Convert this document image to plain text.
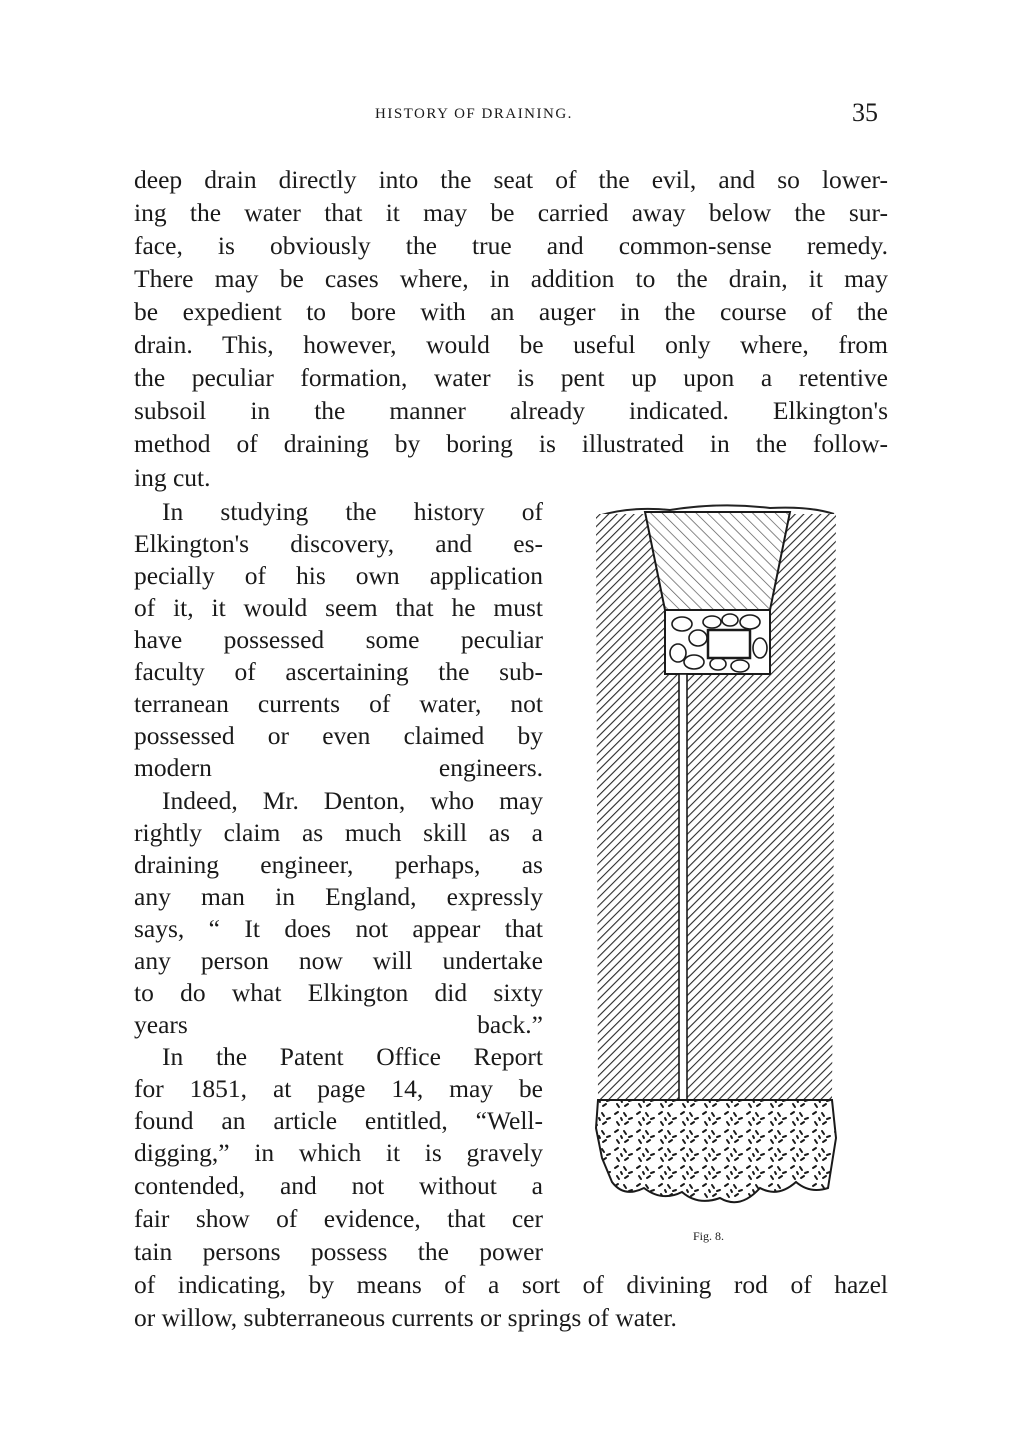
HISTORY OF DRAINING.	35
deep drain directly into the seat of the evil, and so lower-
ing the water that it may be carried away below the sur-
face, is obviously the true and common-sense remedy.
There may be cases where, in addition to the drain, it may
be expedient to bore with an auger in the course of the
drain. This, however, would be useful only where, from
the peculiar formation, water is pent up upon a retentive
subsoil in the manner already indicated. Elkington's
method of draining by boring is illustrated in the follow-
ing cut.
In studying the history of
Elkington's discovery, and es-
pecially of his own application
of it, it would seem that he must
have possessed some peculiar
faculty of ascertaining the sub-
terranean currents of water, not
possessed or even claimed by
modern engineers.
Indeed, Mr. Denton, who may
rightly claim as much skill as a
draining engineer, perhaps, as
any man in England, expressly
says, “ It does not appear that
any person now will undertake
to do what Elkington did sixty
years back.”
In the Patent Office Report
for 1851, at page 14, may be
found an article entitled, “Well-
digging,” in which it is gravely
contended, and not without a
fair show of evidence, that cer
tain persons possess the power
of indicating, by means of a sort of divining rod of hazel
or willow, subterraneous currents or springs of water.
Fig. 8.
